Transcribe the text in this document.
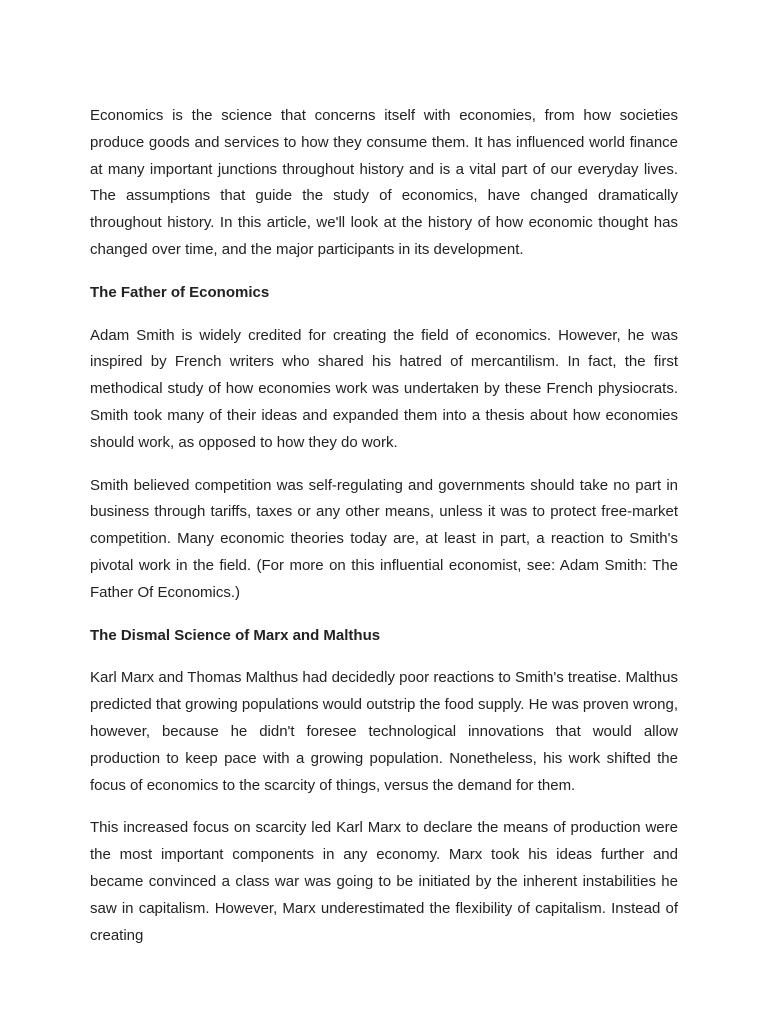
Economics is the science that concerns itself with economies, from how societies produce goods and services to how they consume them. It has influenced world finance at many important junctions throughout history and is a vital part of our everyday lives. The assumptions that guide the study of economics, have changed dramatically throughout history. In this article, we'll look at the history of how economic thought has changed over time, and the major participants in its development.

The Father of Economics

Adam Smith is widely credited for creating the field of economics. However, he was inspired by French writers who shared his hatred of mercantilism. In fact, the first methodical study of how economies work was undertaken by these French physiocrats. Smith took many of their ideas and expanded them into a thesis about how economies should work, as opposed to how they do work.

Smith believed competition was self-regulating and governments should take no part in business through tariffs, taxes or any other means, unless it was to protect free-market competition. Many economic theories today are, at least in part, a reaction to Smith's pivotal work in the field. (For more on this influential economist, see: Adam Smith: The Father Of Economics.)

The Dismal Science of Marx and Malthus

Karl Marx and Thomas Malthus had decidedly poor reactions to Smith's treatise. Malthus predicted that growing populations would outstrip the food supply. He was proven wrong, however, because he didn't foresee technological innovations that would allow production to keep pace with a growing population. Nonetheless, his work shifted the focus of economics to the scarcity of things, versus the demand for them.

This increased focus on scarcity led Karl Marx to declare the means of production were the most important components in any economy. Marx took his ideas further and became convinced a class war was going to be initiated by the inherent instabilities he saw in capitalism. However, Marx underestimated the flexibility of capitalism. Instead of creating
